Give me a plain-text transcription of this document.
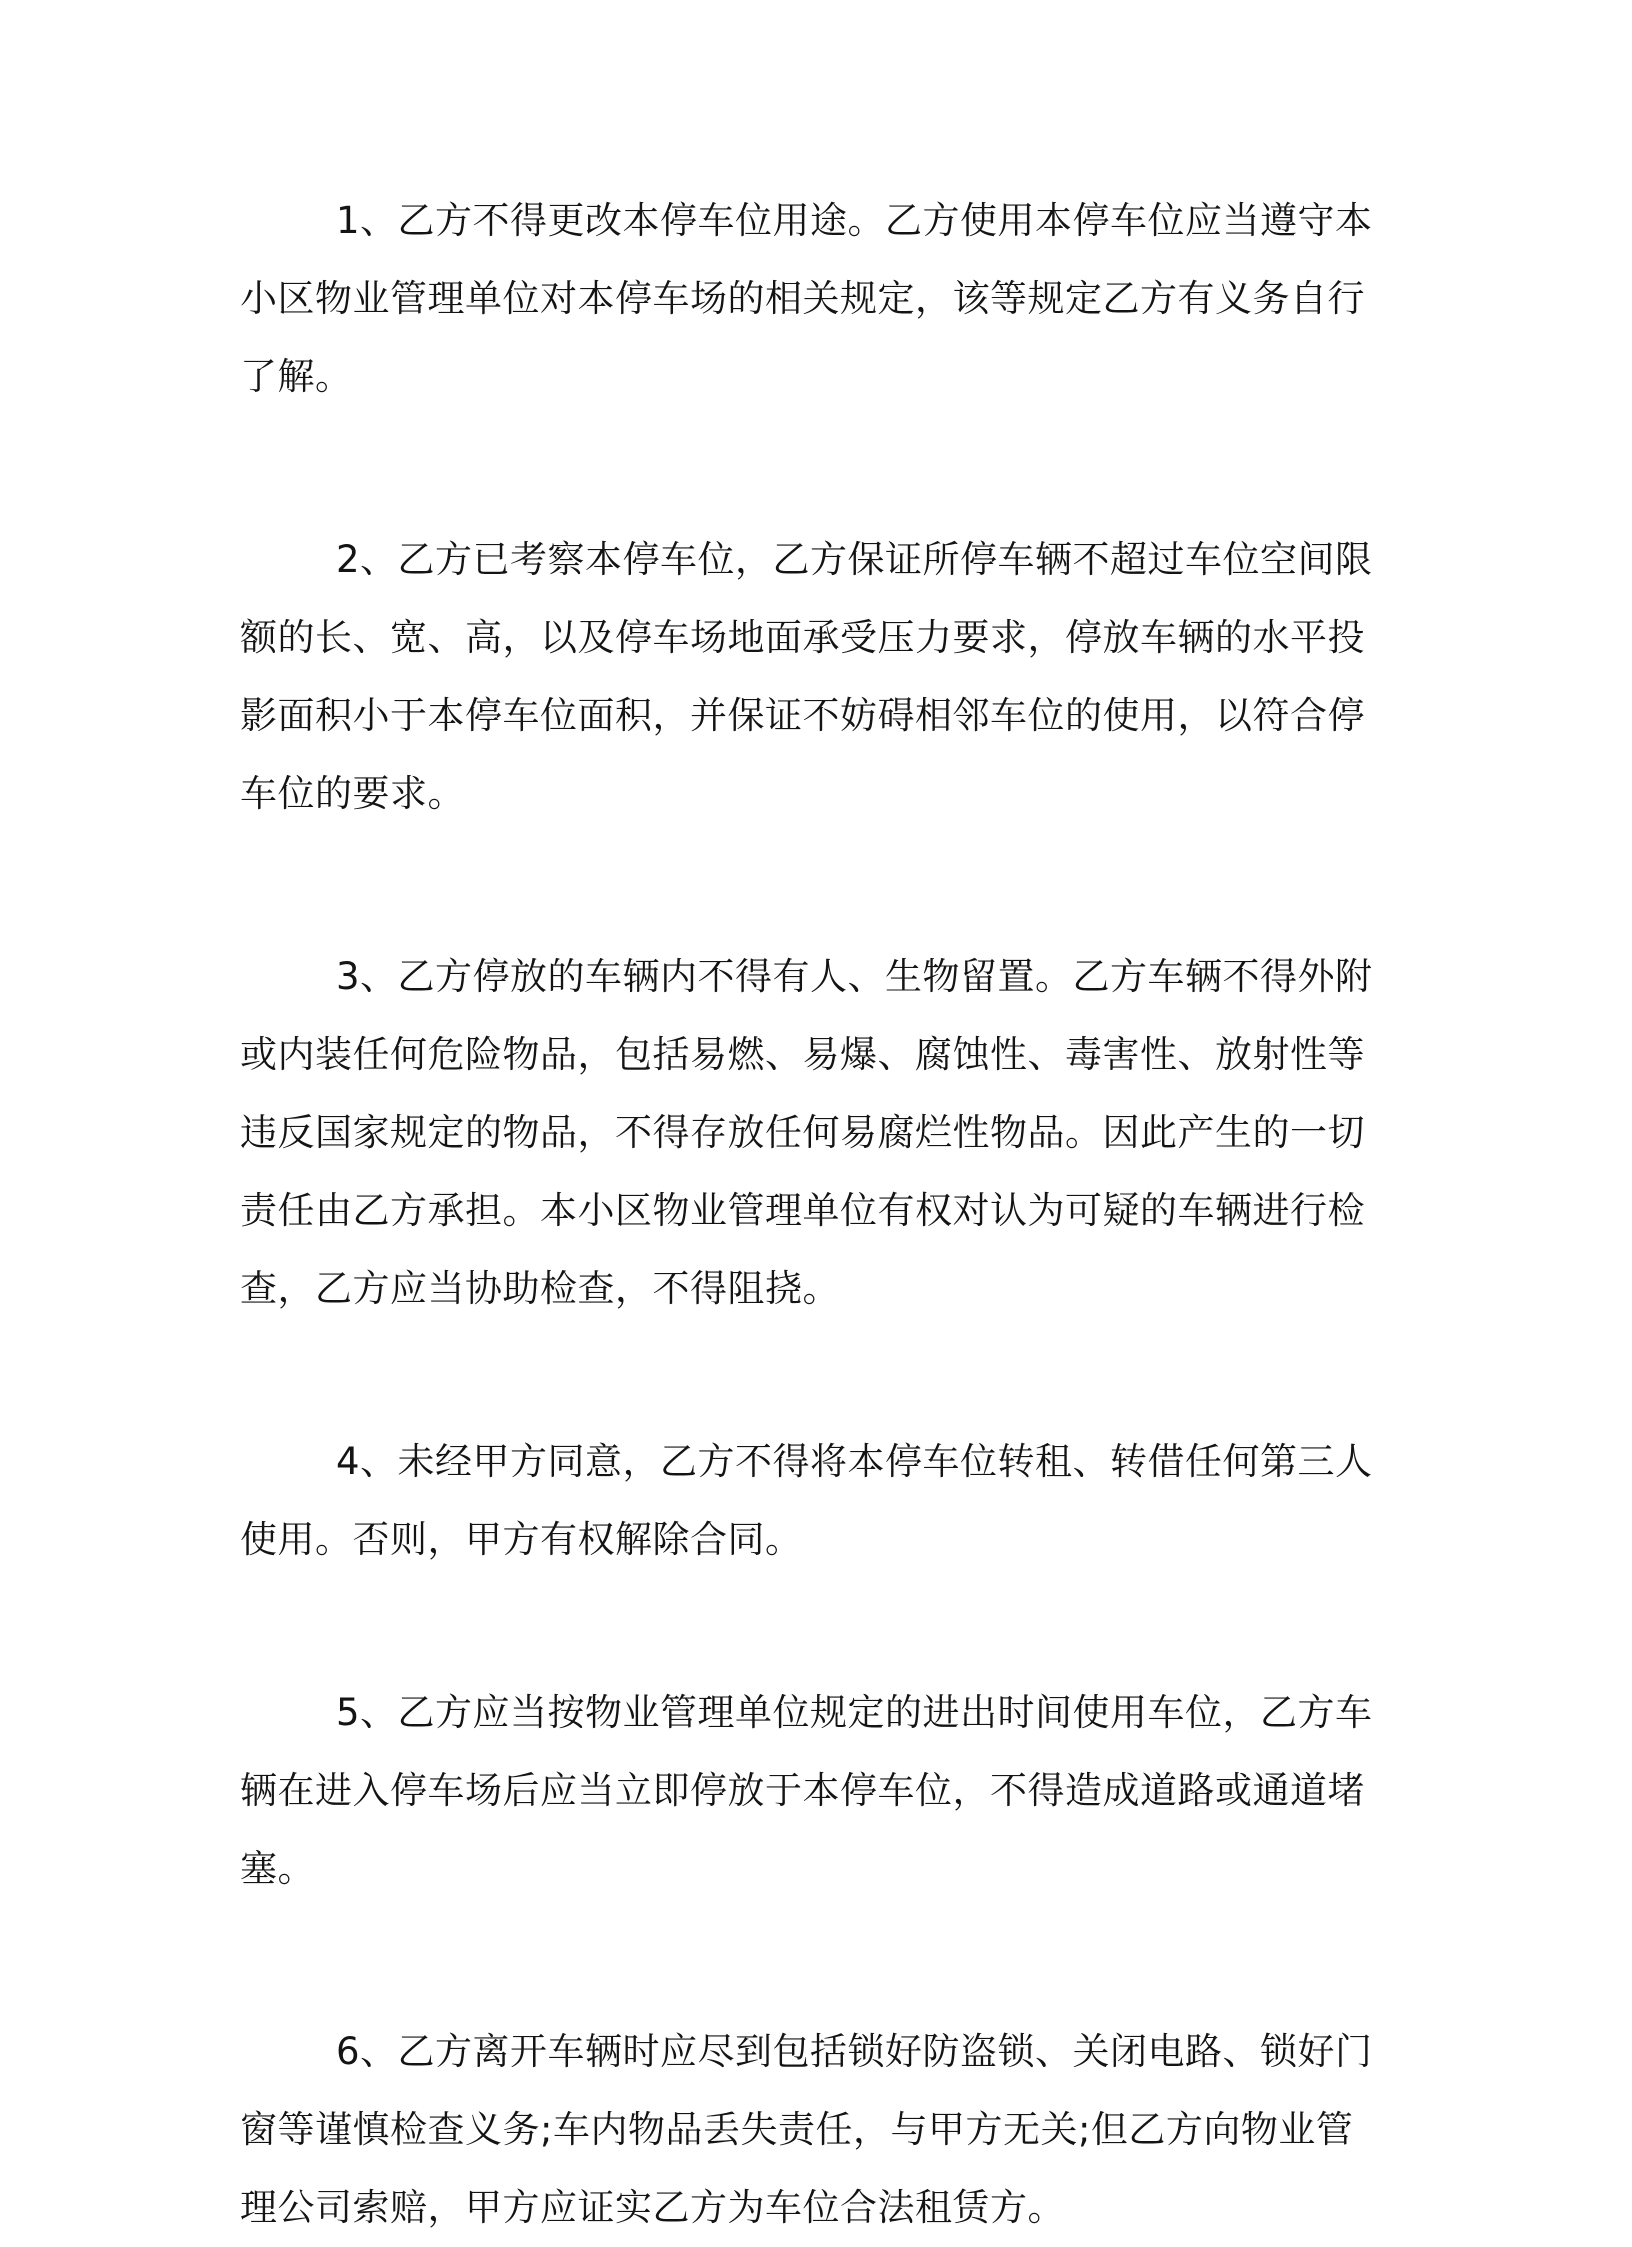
1、乙方不得更改本停车位用途。乙方使用本停车位应当遵守本小区物业管理单位对本停车场的相关规定，该等规定乙方有义务自行了解。

2、乙方已考察本停车位，乙方保证所停车辆不超过车位空间限额的长、宽、高，以及停车场地面承受压力要求，停放车辆的水平投影面积小于本停车位面积，并保证不妨碍相邻车位的使用，以符合停车位的要求。

3、乙方停放的车辆内不得有人、生物留置。乙方车辆不得外附或内装任何危险物品，包括易燃、易爆、腐蚀性、毒害性、放射性等违反国家规定的物品，不得存放任何易腐烂性物品。因此产生的一切责任由乙方承担。本小区物业管理单位有权对认为可疑的车辆进行检查，乙方应当协助检查，不得阻挠。

4、未经甲方同意，乙方不得将本停车位转租、转借任何第三人使用。否则，甲方有权解除合同。

5、乙方应当按物业管理单位规定的进出时间使用车位，乙方车辆在进入停车场后应当立即停放于本停车位，不得造成道路或通道堵塞。

6、乙方离开车辆时应尽到包括锁好防盗锁、关闭电路、锁好门窗等谨慎检查义务;车内物品丢失责任，与甲方无关;但乙方向物业管理公司索赔，甲方应证实乙方为车位合法租赁方。
